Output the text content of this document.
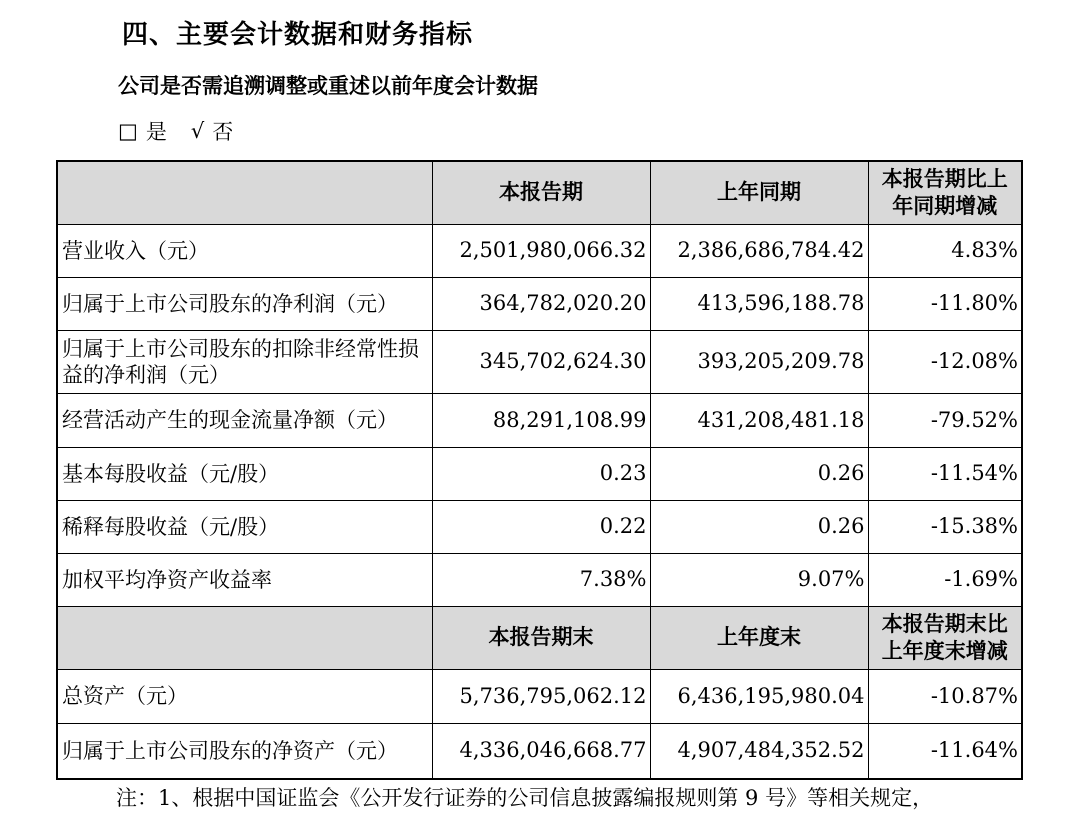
四、主要会计数据和财务指标
公司是否需追溯调整或重述以前年度会计数据
□ 是 √ 否
	本报告期	上年同期	本报告期比上年同期增减
营业收入（元）	2,501,980,066.32	2,386,686,784.42	4.83%
归属于上市公司股东的净利润（元）	364,782,020.20	413,596,188.78	-11.80%
归属于上市公司股东的扣除非经常性损益的净利润（元）	345,702,624.30	393,205,209.78	-12.08%
经营活动产生的现金流量净额（元）	88,291,108.99	431,208,481.18	-79.52%
基本每股收益（元/股）	0.23	0.26	-11.54%
稀释每股收益（元/股）	0.22	0.26	-15.38%
加权平均净资产收益率	7.38%	9.07%	-1.69%
	本报告期末	上年度末	本报告期末比上年度末增减
总资产（元）	5,736,795,062.12	6,436,195,980.04	-10.87%
归属于上市公司股东的净资产（元）	4,336,046,668.77	4,907,484,352.52	-11.64%
注：1、根据中国证监会《公开发行证券的公司信息披露编报规则第 9 号》等相关规定，
